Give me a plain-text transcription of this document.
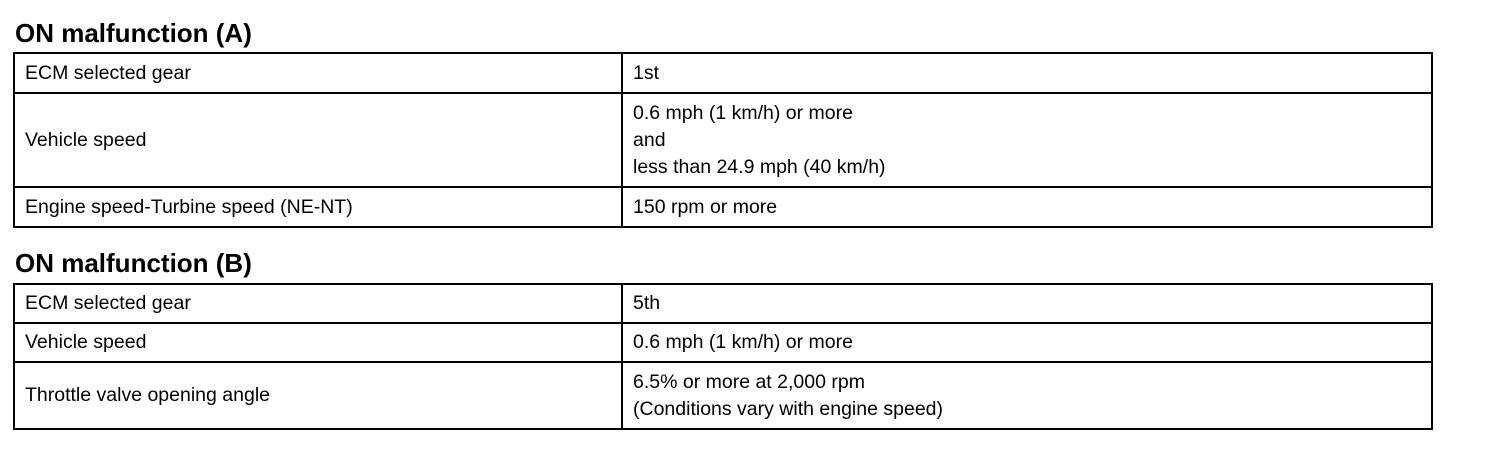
ON malfunction (A)
ECM selected gear	1st

Vehicle speed	0.6 mph (1 km/h) or more
and
less than 24.9 mph (40 km/h)

Engine speed-Turbine speed (NE-NT)	150 rpm or more
ON malfunction (B)
ECM selected gear	5th

Vehicle speed	0.6 mph (1 km/h) or more

Throttle valve opening angle	6.5% or more at 2,000 rpm
(Conditions vary with engine speed)
